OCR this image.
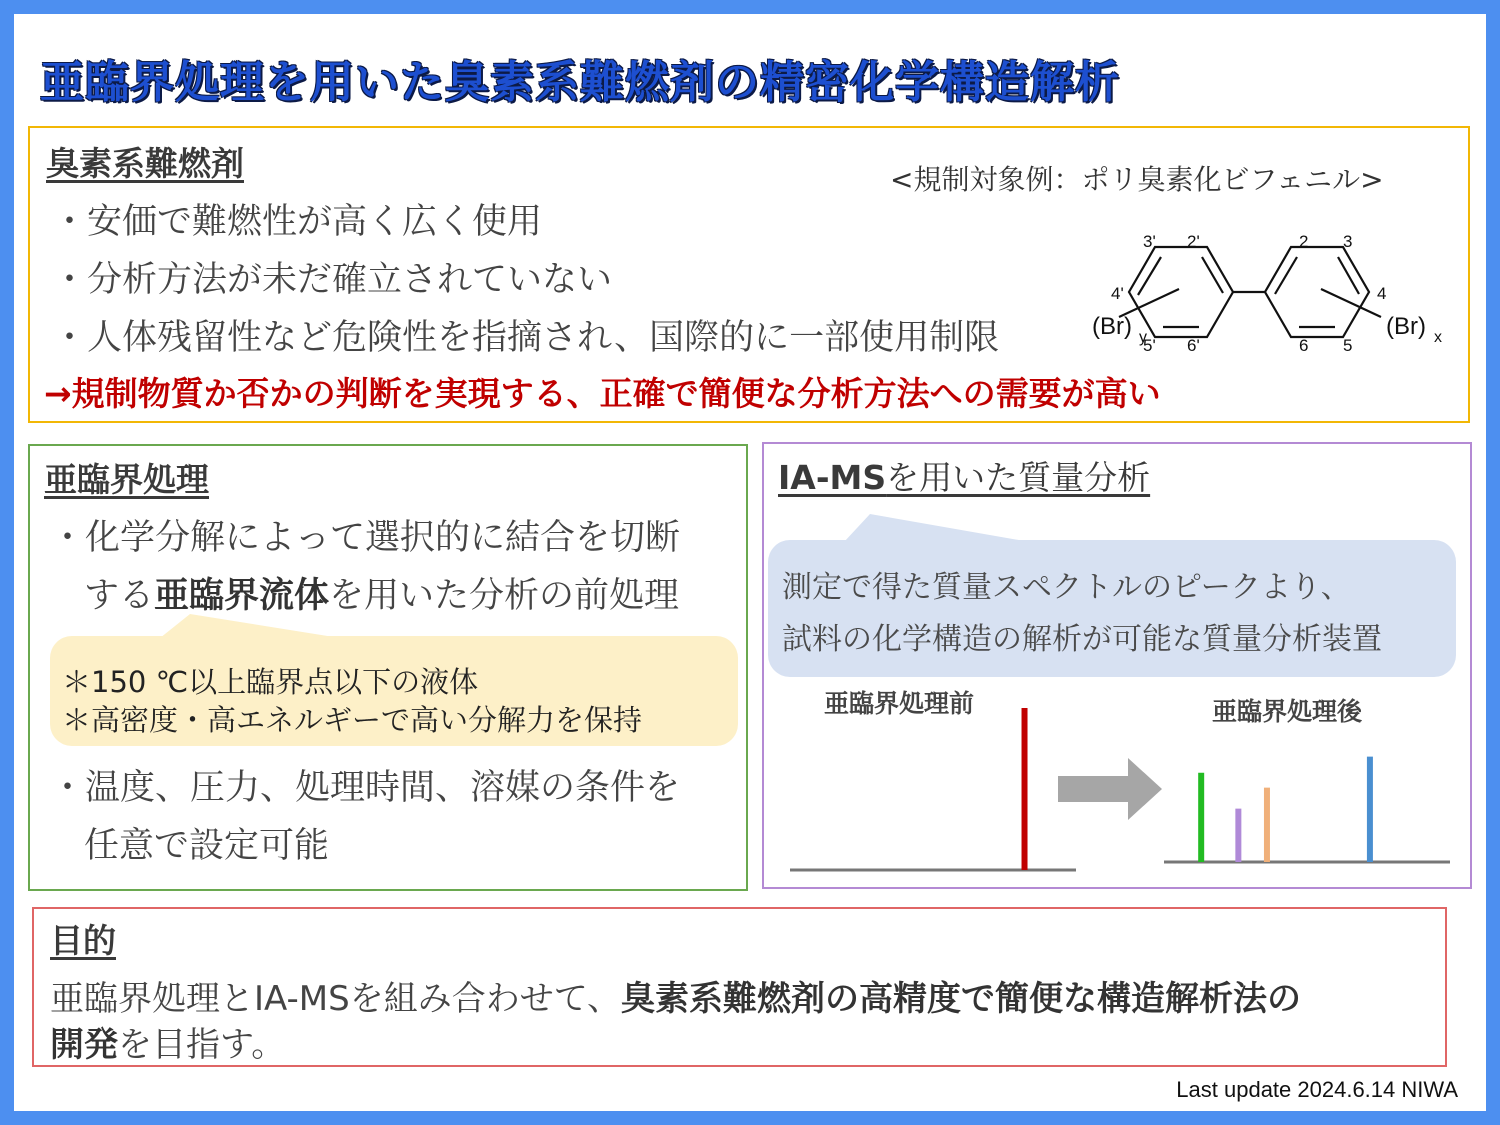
亜臨界処理を用いた臭素系難燃剤の精密化学構造解析
臭素系難燃剤
・安価で難燃性が高く広く使用
・分析方法が未だ確立されていない
・人体残留性など危険性を指摘され、国際的に一部使用制限
→規制物質か否かの判断を実現する、正確で簡便な分析方法への需要が高い
<規制対象例：ポリ臭素化ビフェニル>
3' 2'
4'
5' 6'
2 3
4
6 5
(Br)	(Br)
y	x
亜臨界処理
・化学分解によって選択的に結合を切断
する亜臨界流体を用いた分析の前処理
＊150 ℃以上臨界点以下の液体
＊高密度・高エネルギーで高い分解力を保持
・温度、圧力、処理時間、溶媒の条件を
任意で設定可能
IA-MSを用いた質量分析
測定で得た質量スペクトルのピークより、
試料の化学構造の解析が可能な質量分析装置
亜臨界処理前	亜臨界処理後
目的
亜臨界処理とIA-MSを組み合わせて、臭素系難燃剤の高精度で簡便な構造解析法の
開発を目指す。
Last update 2024.6.14 NIWA
